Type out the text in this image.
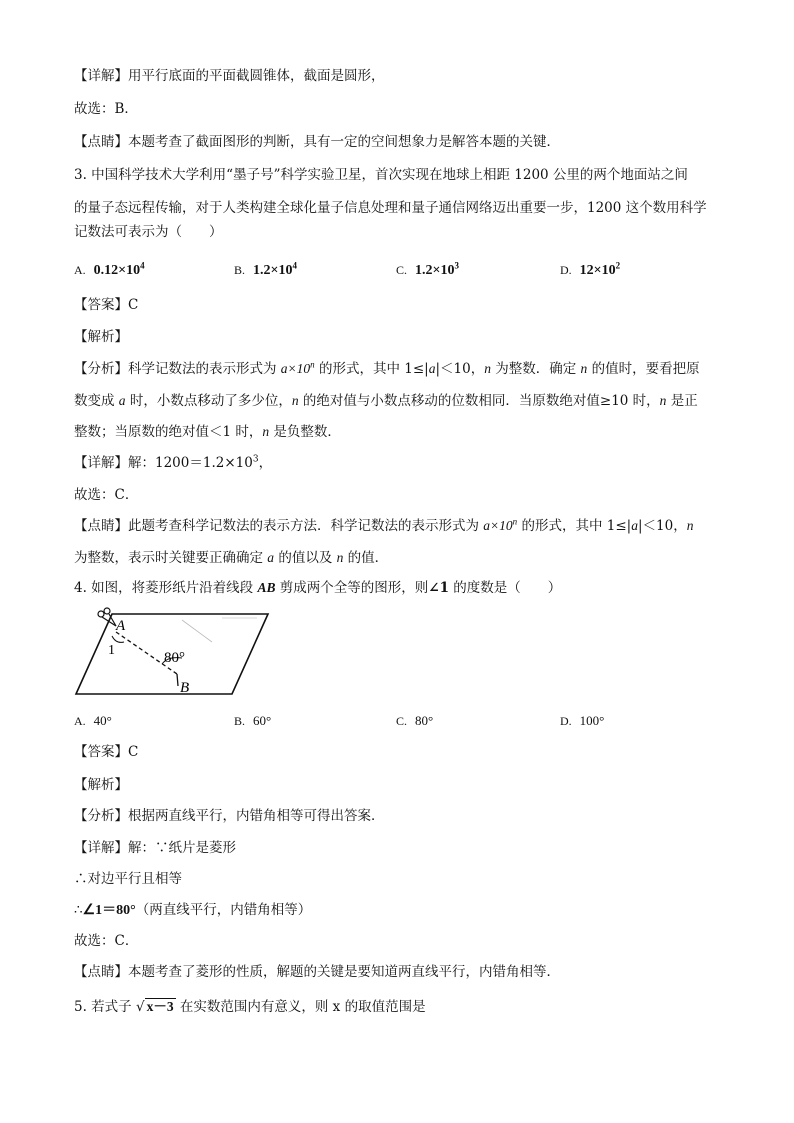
【详解】用平行底面的平面截圆锥体，截面是圆形，
故选：B．
【点睛】本题考查了截面图形的判断，具有一定的空间想象力是解答本题的关键．
3. 中国科学技术大学利用“墨子号”科学实验卫星，首次实现在地球上相距 1200 公里的两个地面站之间
的量子态远程传输，对于人类构建全球化量子信息处理和量子通信网络迈出重要一步，1200 这个数用科学
记数法可表示为（　　）
A. $0.12\times 10^4$	B. $1.2\times 10^4$	C. $1.2\times 10^3$	D. $12\times 10^2$
【答案】C
【解析】
【分析】科学记数法的表示形式为 $a\times 10^n$ 的形式，其中 1≤|a|＜10，n 为整数．确定 n 的值时，要看把原
数变成 a 时，小数点移动了多少位，n 的绝对值与小数点移动的位数相同．当原数绝对值≥10 时，n 是正
整数；当原数的绝对值＜1 时，n 是负整数．
【详解】解：$1200=1.2\times 10^3$，
故选：C．
【点睛】此题考查科学记数法的表示方法．科学记数法的表示形式为 $a\times 10^n$ 的形式，其中 1≤|a|＜10，n
为整数，表示时关键要正确确定 a 的值以及 n 的值．
4. 如图，将菱形纸片沿着线段 AB 剪成两个全等的图形，则∠1 的度数是（　　）
A
1	80°
B
A. 40°	B. 60°	C. 80°	D. 100°
【答案】C
【解析】
【分析】根据两直线平行，内错角相等可得出答案．
【详解】解：∵纸片是菱形
∴对边平行且相等
∴∠1＝80°（两直线平行，内错角相等）
故选：C．
【点睛】本题考查了菱形的性质，解题的关键是要知道两直线平行，内错角相等．
5. 若式子 √ x－3 在实数范围内有意义，则 x 的取值范围是
